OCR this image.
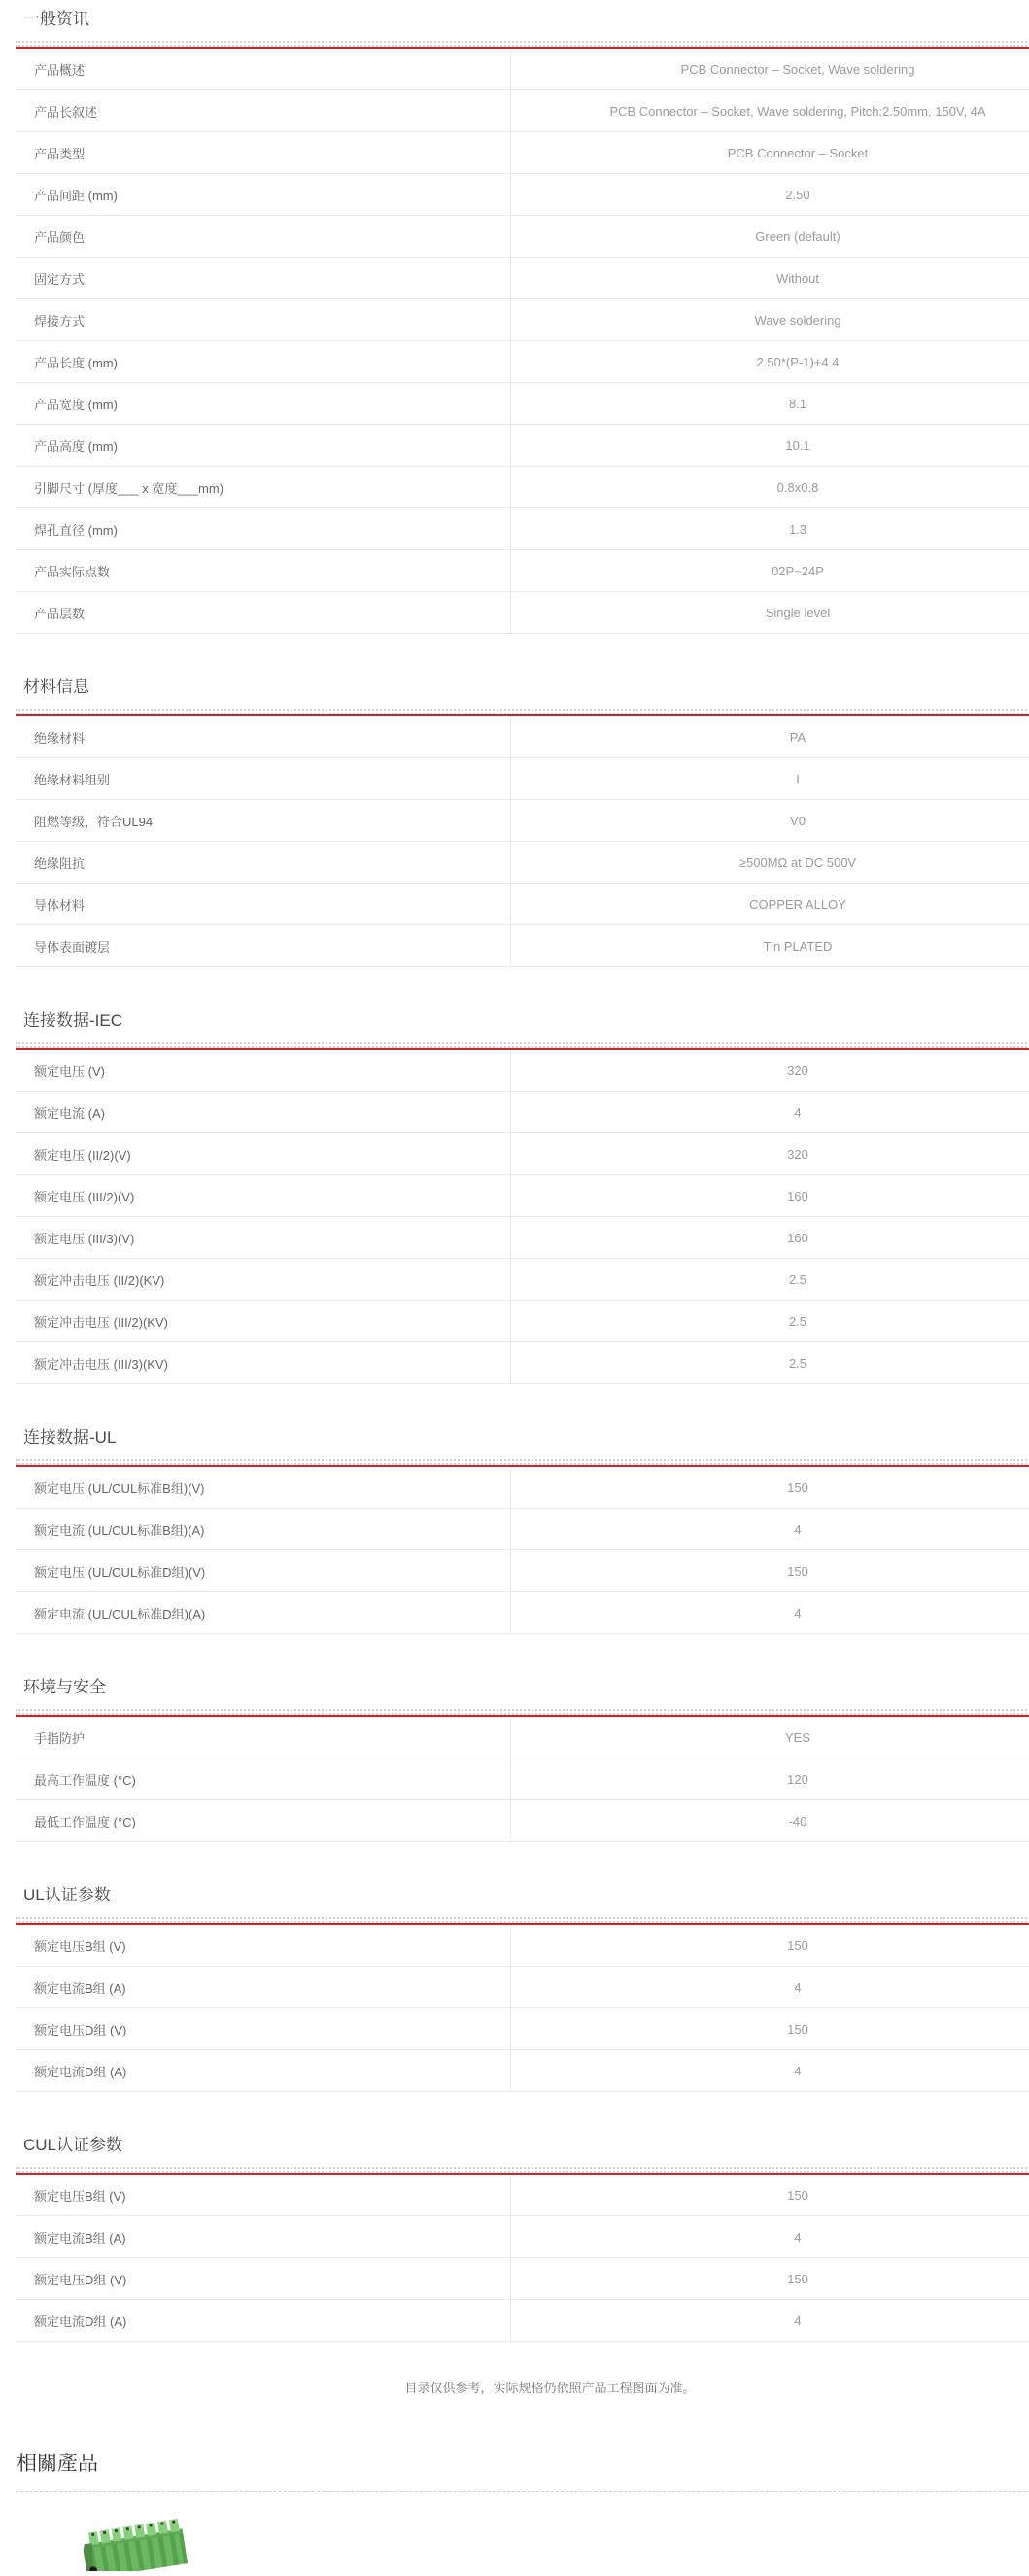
一般资讯
产品概述	PCB Connector – Socket, Wave soldering
产品长叙述	PCB Connector – Socket, Wave soldering, Pitch:2.50mm, 150V, 4A
产品类型	PCB Connector – Socket
产品间距 (mm)	2.50
产品颜色	Green (default)
固定方式	Without
焊接方式	Wave soldering
产品长度 (mm)	2.50*(P-1)+4.4
产品宽度 (mm)	8.1
产品高度 (mm)	10.1
引脚尺寸 (厚度___ x 宽度___mm)	0.8x0.8
焊孔直径 (mm)	1.3
产品实际点数	02P~24P
产品层数	Single level
材料信息
绝缘材料	PA
绝缘材料组别	I
阻燃等级，符合UL94	V0
绝缘阻抗	≥500MΩ at DC 500V
导体材料	COPPER ALLOY
导体表面镀层	Tin PLATED
连接数据-IEC
额定电压 (V)	320
额定电流 (A)	4
额定电压 (II/2)(V)	320
额定电压 (III/2)(V)	160
额定电压 (III/3)(V)	160
额定冲击电压 (II/2)(KV)	2.5
额定冲击电压 (III/2)(KV)	2.5
额定冲击电压 (III/3)(KV)	2.5
连接数据-UL
额定电压 (UL/CUL标准B组)(V)	150
额定电流 (UL/CUL标准B组)(A)	4
额定电压 (UL/CUL标准D组)(V)	150
额定电流 (UL/CUL标准D组)(A)	4
环境与安全
手指防护	YES
最高工作温度 (°C)	120
最低工作温度 (°C)	-40
UL认证参数
额定电压B组 (V)	150
额定电流B组 (A)	4
额定电压D组 (V)	150
额定电流D组 (A)	4
CUL认证参数
额定电压B组 (V)	150
额定电流B组 (A)	4
额定电压D组 (V)	150
额定电流D组 (A)	4
目录仅供参考，实际规格仍依照产品工程图面为准。
相關產品
